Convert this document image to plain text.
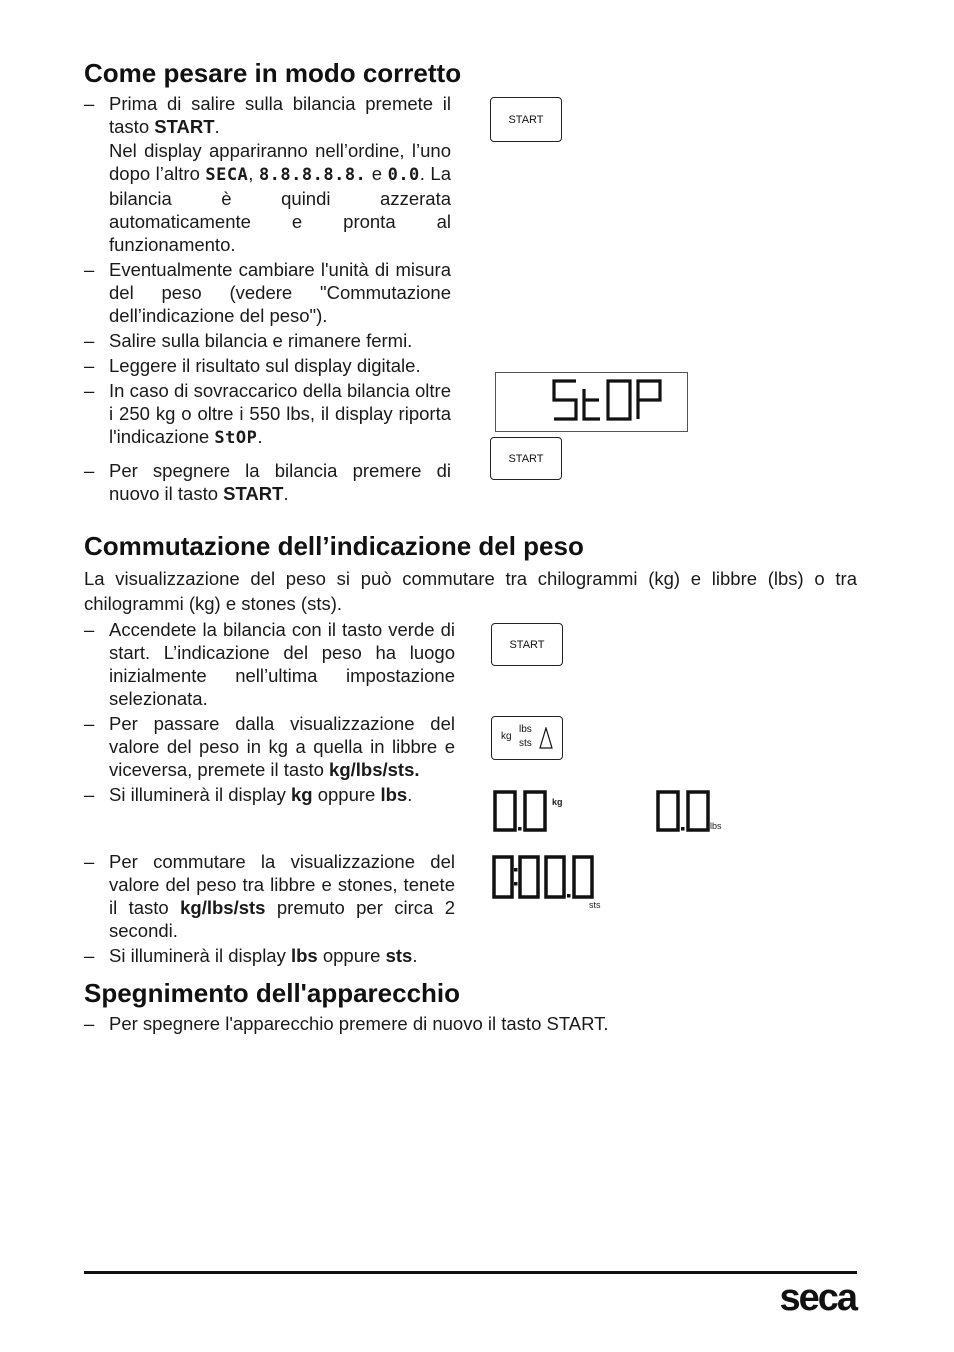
Come pesare in modo corretto
– Prima di salire sulla bilancia premete il tasto START.

Nel display appariranno nell’ordine, l’uno dopo l’altro SECA, 8.8.8.8.8. e 0.0. La bilancia è quindi azzerata automaticamente e pronta al funzionamento.

– Eventualmente cambiare l'unità di misura del peso (vedere "Commutazione dell’indicazione del peso").
– Salire sulla bilancia e rimanere fermi.
– Leggere il risultato sul display digitale.
– In caso di sovraccarico della bilancia oltre i 250 kg o oltre i 550 lbs, il display riporta l'indicazione StOP.
– Per spegnere la bilancia premere di nuovo il tasto START.
START
START
Commutazione dell’indicazione del peso

La visualizzazione del peso si può commutare tra chilogrammi (kg) e libbre (lbs) o tra chilogrammi (kg) e stones (sts).

– Accendete la bilancia con il tasto verde di start. L’indicazione del peso ha luogo inizialmente nell’ultima impostazione selezionata.
– Per passare dalla visualizzazione del valore del peso in kg a quella in libbre e viceversa, premete il tasto kg/lbs/sts.
– Si illuminerà il display kg oppure lbs.
– Per commutare la visualizzazione del valore del peso tra libbre e stones, tenete il tasto kg/lbs/sts premuto per circa 2 secondi.
– Si illuminerà il display lbs oppure sts.
START
kg
lbs
sts
kg
lbs
sts
Spegnimento dell'apparecchio
– Per spegnere l'apparecchio premere di nuovo il tasto START.
seca
